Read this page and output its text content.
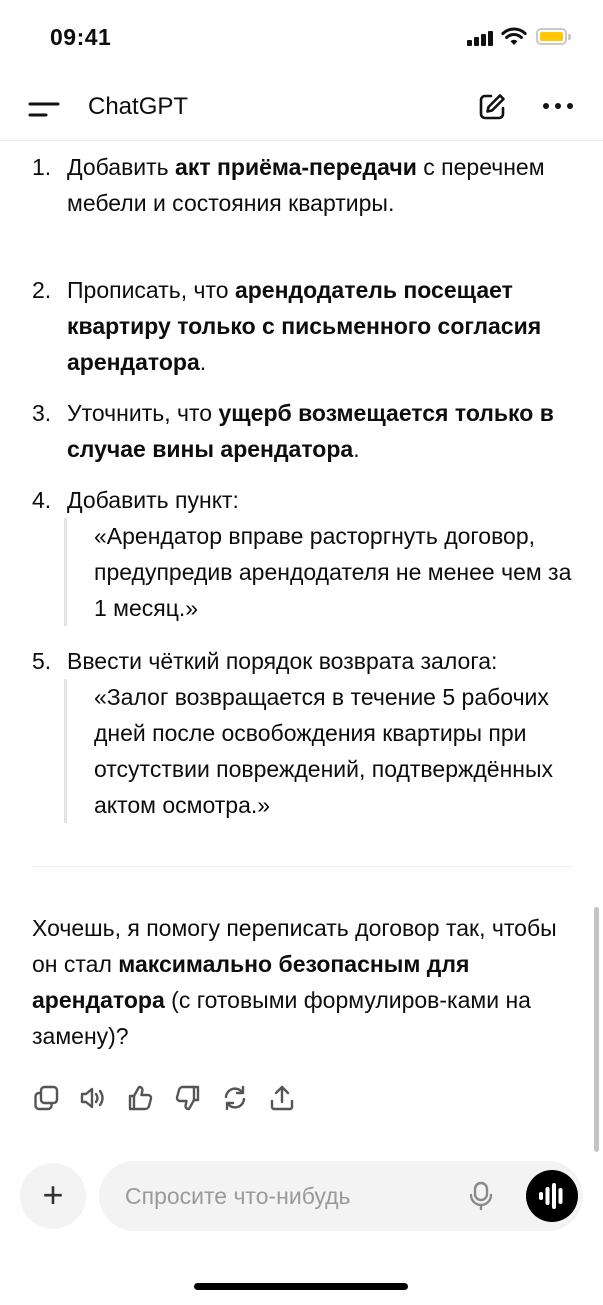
09:41
ChatGPT
1. Добавить акт приёма-передачи с перечнем мебели и состояния квартиры.
2. Прописать, что арендодатель посещает квартиру только с письменного согласия арендатора.
3. Уточнить, что ущерб возмещается только в случае вины арендатора.
4. Добавить пункт:
«Арендатор вправе расторгнуть договор, предупредив арендодателя не менее чем за 1 месяц.»
5. Ввести чёткий порядок возврата залога:
«Залог возвращается в течение 5 рабочих дней после освобождения квартиры при отсутствии повреждений, подтверждённых актом осмотра.»
Хочешь, я помогу переписать договор так, чтобы он стал максимально безопасным для арендатора (с готовыми формулиров-ками на замену)?
+
Спросите что-нибудь
